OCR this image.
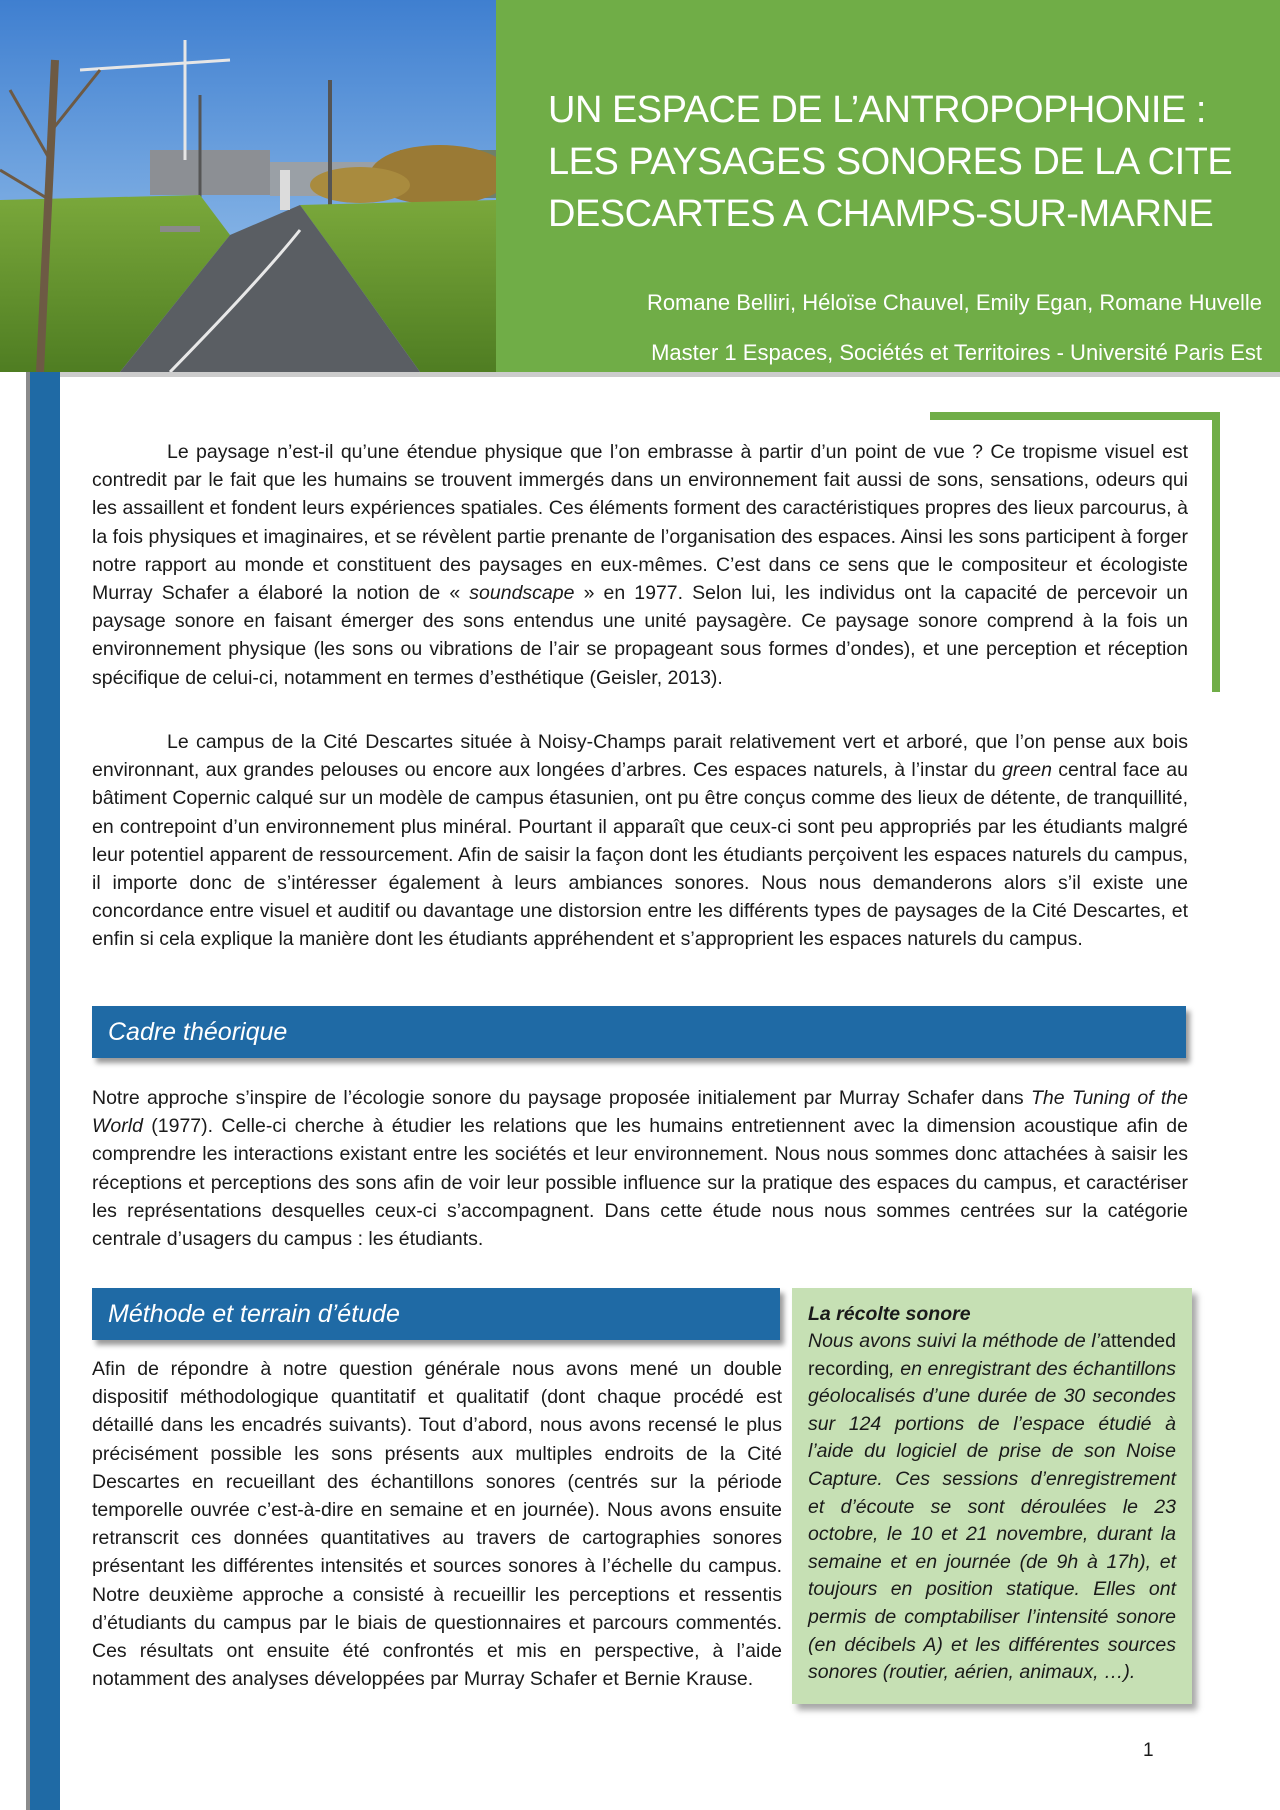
UN ESPACE DE L’ANTROPOPHONIE :
LES PAYSAGES SONORES DE LA CITE
DESCARTES A CHAMPS-SUR-MARNE
Romane Belliri, Héloïse Chauvel, Emily Egan, Romane Huvelle
Master 1 Espaces, Sociétés et Territoires - Université Paris Est
Le paysage n’est-il qu’une étendue physique que l’on embrasse à partir d’un point de vue ? Ce tropisme visuel est contredit par le fait que les humains se trouvent immergés dans un environnement fait aussi de sons, sensations, odeurs qui les assaillent et fondent leurs expériences spatiales. Ces éléments forment des caractéristiques propres des lieux parcourus, à la fois physiques et imaginaires, et se révèlent partie prenante de l’organisation des espaces. Ainsi les sons participent à forger notre rapport au monde et constituent des paysages en eux-mêmes. C’est dans ce sens que le compositeur et écologiste Murray Schafer a élaboré la notion de « soundscape » en 1977. Selon lui, les individus ont la capacité de percevoir un paysage sonore en faisant émerger des sons entendus une unité paysagère. Ce paysage sonore comprend à la fois un environnement physique (les sons ou vibrations de l’air se propageant sous formes d’ondes), et une perception et réception spécifique de celui-ci, notamment en termes d’esthétique (Geisler, 2013).
Le campus de la Cité Descartes située à Noisy-Champs parait relativement vert et arboré, que l’on pense aux bois environnant, aux grandes pelouses ou encore aux longées d’arbres. Ces espaces naturels, à l’instar du green central face au bâtiment Copernic calqué sur un modèle de campus étasunien, ont pu être conçus comme des lieux de détente, de tranquillité, en contrepoint d’un environnement plus minéral. Pourtant il apparaît que ceux-ci sont peu appropriés par les étudiants malgré leur potentiel apparent de ressourcement. Afin de saisir la façon dont les étudiants perçoivent les espaces naturels du campus, il importe donc de s’intéresser également à leurs ambiances sonores. Nous nous demanderons alors s’il existe une concordance entre visuel et auditif ou davantage une distorsion entre les différents types de paysages de la Cité Descartes, et enfin si cela explique la manière dont les étudiants appréhendent et s’approprient les espaces naturels du campus.
Cadre théorique
Notre approche s’inspire de l’écologie sonore du paysage proposée initialement par Murray Schafer dans The Tuning of the World (1977). Celle-ci cherche à étudier les relations que les humains entretiennent avec la dimension acoustique afin de comprendre les interactions existant entre les sociétés et leur environnement. Nous nous sommes donc attachées à saisir les réceptions et perceptions des sons afin de voir leur possible influence sur la pratique des espaces du campus, et caractériser les représentations desquelles ceux-ci s’accompagnent. Dans cette étude nous nous sommes centrées sur la catégorie centrale d’usagers du campus : les étudiants.
Méthode et terrain d’étude
Afin de répondre à notre question générale nous avons mené un double dispositif méthodologique quantitatif et qualitatif (dont chaque procédé est détaillé dans les encadrés suivants). Tout d’abord, nous avons recensé le plus précisément possible les sons présents aux multiples endroits de la Cité Descartes en recueillant des échantillons sonores (centrés sur la période temporelle ouvrée c’est-à-dire en semaine et en journée). Nous avons ensuite retranscrit ces données quantitatives au travers de cartographies sonores présentant les différentes intensités et sources sonores à l’échelle du campus. Notre deuxième approche a consisté à recueillir les perceptions et ressentis d’étudiants du campus par le biais de questionnaires et parcours commentés. Ces résultats ont ensuite été confrontés et mis en perspective, à l’aide notamment des analyses développées par Murray Schafer et Bernie Krause.
La récolte sonore
Nous avons suivi la méthode de l’attended recording, en enregistrant des échantillons géolocalisés d’une durée de 30 secondes sur 124 portions de l’espace étudié à l’aide du logiciel de prise de son Noise Capture. Ces sessions d’enregistrement et d’écoute se sont déroulées le 23 octobre, le 10 et 21 novembre, durant la semaine et en journée (de 9h à 17h), et toujours en position statique. Elles ont permis de comptabiliser l’intensité sonore (en décibels A) et les différentes sources sonores (routier, aérien, animaux, …).
1
